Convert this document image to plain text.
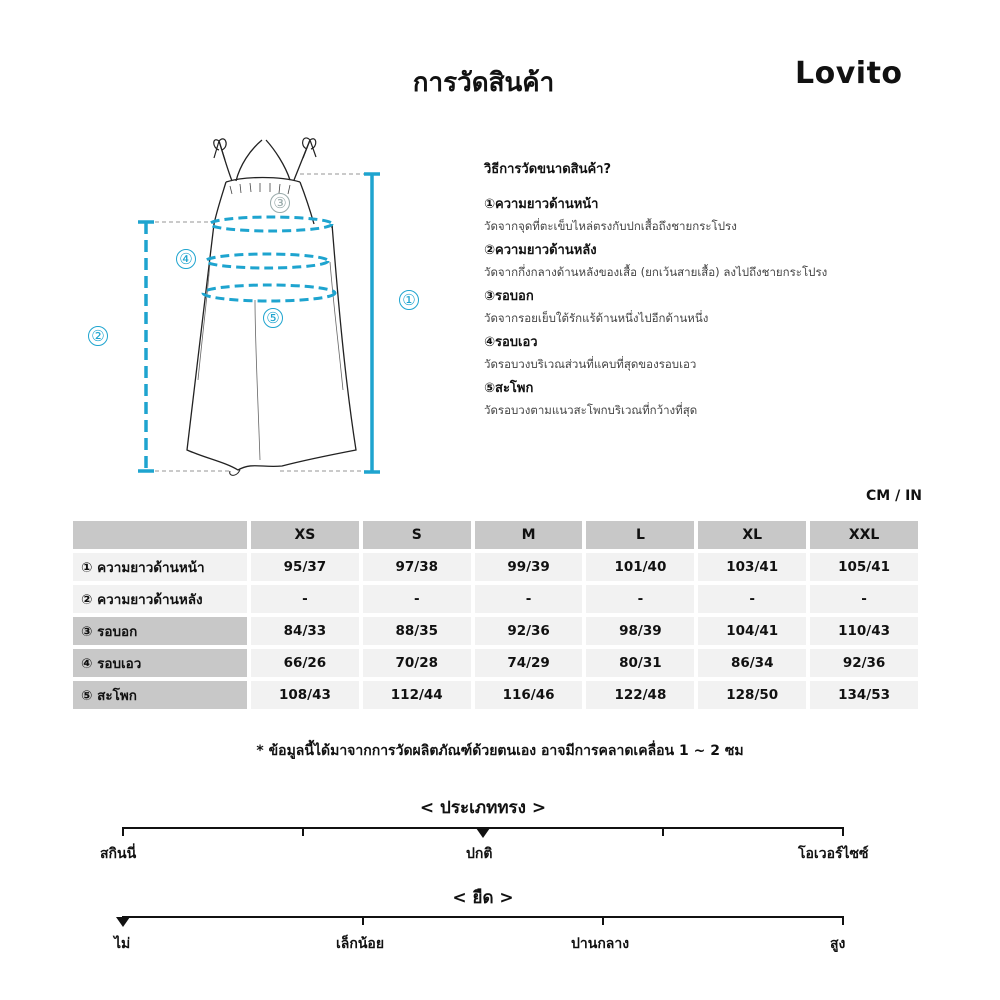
การวัดสินค้า	Lovito
③
④
⑤
①
②
วิธีการวัดขนาดสินค้า?
①ความยาวด้านหน้า
วัดจากจุดที่ตะเข็บไหล่ตรงกับปกเสื้อถึงชายกระโปรง
②ความยาวด้านหลัง
วัดจากกึ่งกลางด้านหลังของเสื้อ (ยกเว้นสายเสื้อ) ลงไปถึงชายกระโปรง
③รอบอก
วัดจากรอยเย็บใต้รักแร้ด้านหนึ่งไปอีกด้านหนึ่ง
④รอบเอว
วัดรอบวงบริเวณส่วนที่แคบที่สุดของรอบเอว
⑤สะโพก
วัดรอบวงตามแนวสะโพกบริเวณที่กว้างที่สุด
CM / IN
	XS	S	M	L	XL	XXL
① ความยาวด้านหน้า	95/37	97/38	99/39	101/40	103/41	105/41
② ความยาวด้านหลัง	-	-	-	-	-	-
③ รอบอก	84/33	88/35	92/36	98/39	104/41	110/43
④ รอบเอว	66/26	70/28	74/29	80/31	86/34	92/36
⑤ สะโพก	108/43	112/44	116/46	122/48	128/50	134/53
* ข้อมูลนี้ได้มาจากการวัดผลิตภัณฑ์ด้วยตนเอง อาจมีการคลาดเคลื่อน 1 ~ 2 ซม
< ประเภททรง >
สกินนี่	ปกติ	โอเวอร์ไซซ์
< ยืด >
ไม่	เล็กน้อย	ปานกลาง	สูง
